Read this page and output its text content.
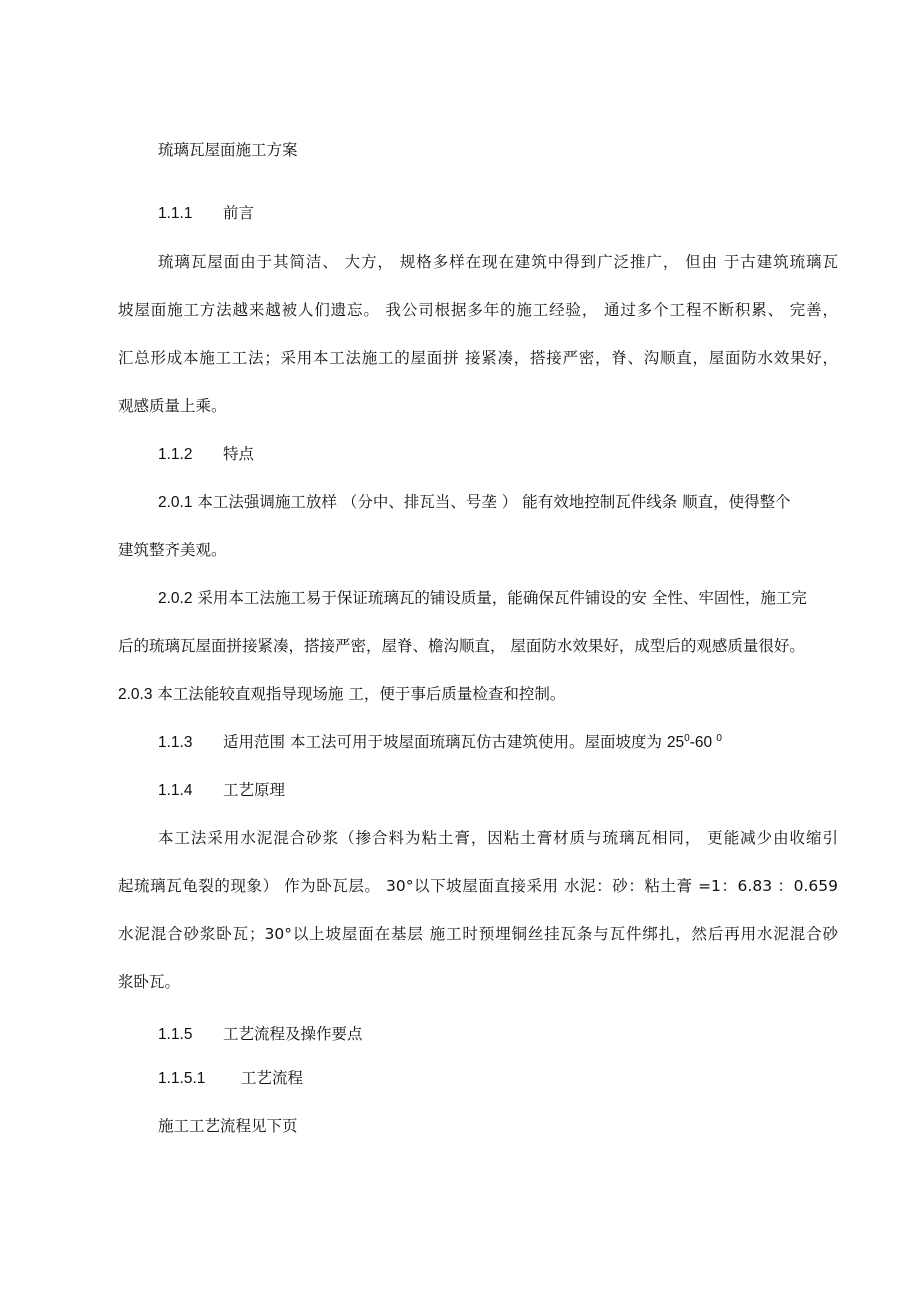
琉璃瓦屋面施工方案
1.1.1 前言
琉璃瓦屋面由于其简洁、 大方， 规格多样在现在建筑中得到广泛推广， 但由 于古建筑琉璃瓦
坡屋面施工方法越来越被人们遗忘。 我公司根据多年的施工经验， 通过多个工程不断积累、 完善，
汇总形成本施工工法；采用本工法施工的屋面拼 接紧凑，搭接严密，脊、沟顺直，屋面防水效果好，
观感质量上乘。
1.1.2 特点
2.0.1 本工法强调施工放样 （分中、排瓦当、号垄 ） 能有效地控制瓦件线条 顺直，使得整个
建筑整齐美观。
2.0.2 采用本工法施工易于保证琉璃瓦的铺设质量，能确保瓦件铺设的安 全性、牢固性，施工完
后的琉璃瓦屋面拼接紧凑，搭接严密，屋脊、檐沟顺直， 屋面防水效果好，成型后的观感质量很好。
2.0.3 本工法能较直观指导现场施 工，便于事后质量检查和控制。
1.1.3 适用范围 本工法可用于坡屋面琉璃瓦仿古建筑使用。屋面坡度为 $25^0-60$ $^0$
1.1.4 工艺原理
本工法采用水泥混合砂浆（掺合料为粘土膏，因粘土膏材质与琉璃瓦相同， 更能减少由收缩引
起琉璃瓦龟裂的现象） 作为卧瓦层。 30°以下坡屋面直接采用 水泥：砂：粘土膏 =1：6.83 ：0.659
水泥混合砂浆卧瓦；30°以上坡屋面在基层 施工时预埋铜丝挂瓦条与瓦件绑扎，然后再用水泥混合砂
浆卧瓦。
1.1.5 工艺流程及操作要点
1.1.5.1 工艺流程
施工工艺流程见下页
